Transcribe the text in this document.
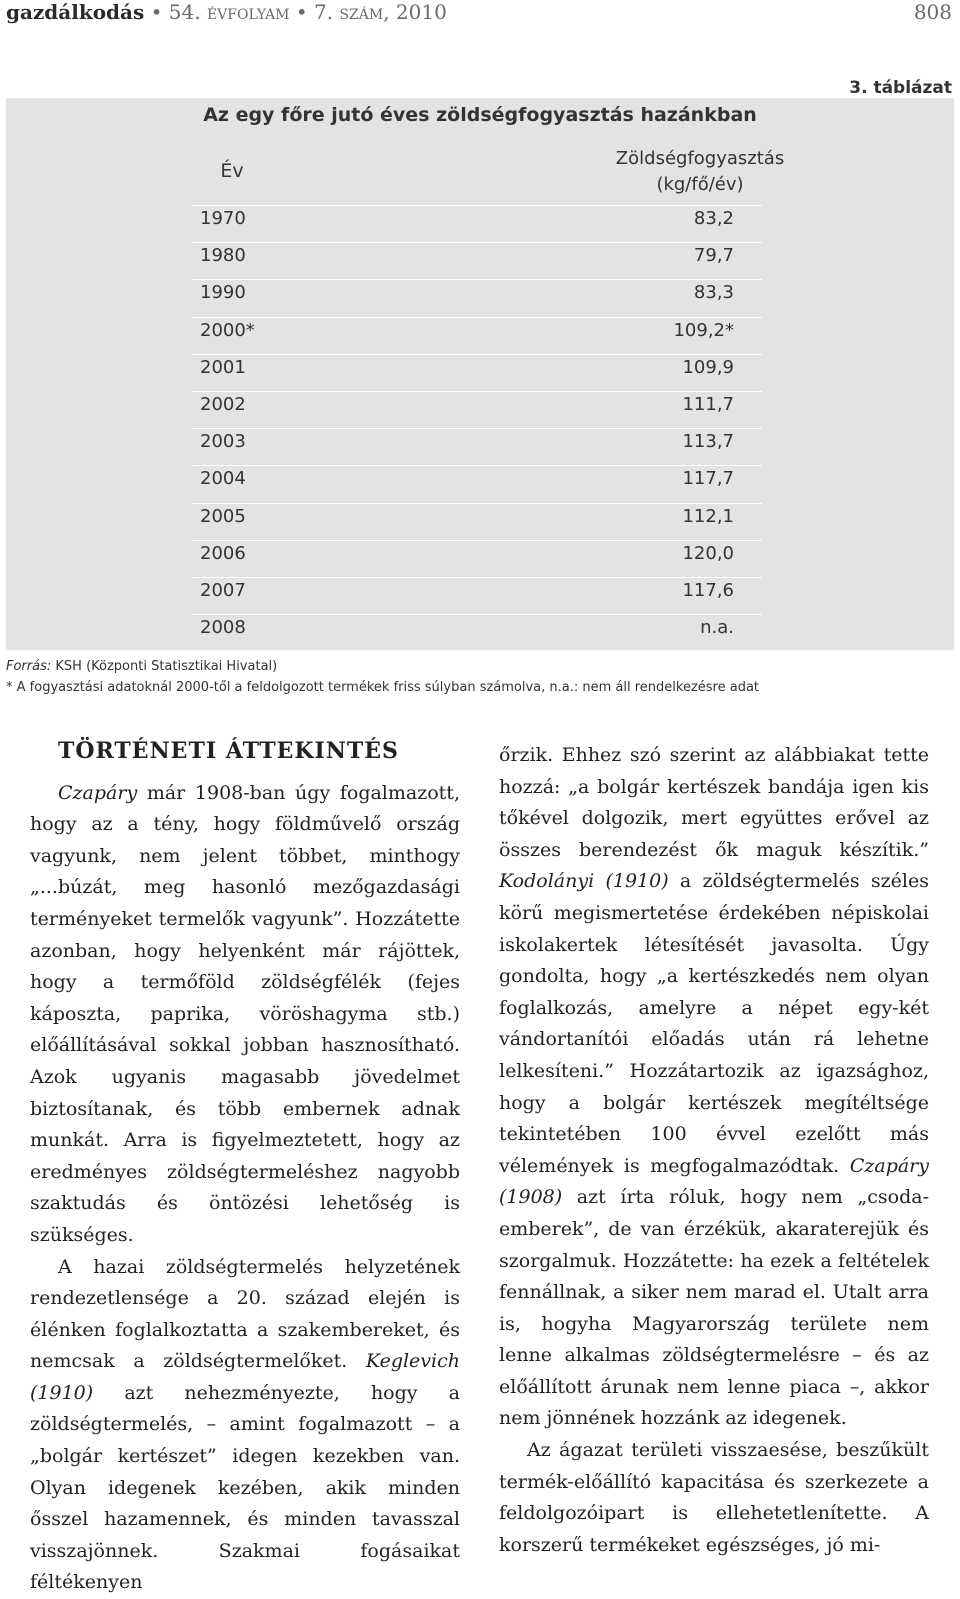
gazdálkodás • 54. évfolyam • 7. szám, 2010	808
3. táblázat
Az egy főre jutó éves zöldségfogyasztás hazánkban
Év
Zöldségfogyasztás
(kg/fő/év)
1970	83,2
1980	79,7
1990	83,3
2000*	109,2*
2001	109,9
2002	111,7
2003	113,7
2004	117,7
2005	112,1
2006	120,0
2007	117,6
2008	n.a.
Forrás: KSH (Központi Statisztikai Hivatal)
* A fogyasztási adatoknál 2000-től a feldolgozott termékek friss súlyban számolva, n.a.: nem áll rendelkezésre adat
TÖRTÉNETI ÁTTEKINTÉS

Czapáry már 1908-ban úgy fogalmazott, hogy az a tény, hogy földművelő ország vagyunk, nem jelent többet, minthogy „...búzát, meg hasonló mezőgazdasági terményeket termelők vagyunk”. Hozzátette azonban, hogy helyenként már rájöttek, hogy a termőföld zöldségfélék (fejes káposzta, paprika, vöröshagyma stb.) előállításával sokkal jobban hasznosítható. Azok ugyanis magasabb jövedelmet biztosítanak, és több embernek adnak munkát. Arra is figyelmeztetett, hogy az eredményes zöldségtermeléshez nagyobb szaktudás és öntözési lehetőség is szükséges.

A hazai zöldségtermelés helyzetének rendezetlensége a 20. század elején is élénken foglalkoztatta a szakembereket, és nemcsak a zöldségtermelőket. Keglevich (1910) azt nehezményezte, hogy a zöldségtermelés, – amint fogalmazott – a „bolgár kertészet” idegen kezekben van. Olyan idegenek kezében, akik minden ősszel hazamennek, és minden tavasszal visszajönnek. Szakmai fogásaikat féltékenyen

őrzik. Ehhez szó szerint az alábbiakat tette hozzá: „a bolgár kertészek bandája igen kis tőkével dolgozik, mert együttes erővel az összes berendezést ők maguk készítik.” Kodolányi (1910) a zöldségtermelés széles körű megismertetése érdekében népiskolai iskolakertek létesítését javasolta. Úgy gondolta, hogy „a kertészkedés nem olyan foglalkozás, amelyre a népet egy-két vándortanítói előadás után rá lehetne lelkesíteni.” Hozzátartozik az igazsághoz, hogy a bolgár kertészek megítéltsége tekintetében 100 évvel ezelőtt más vélemények is megfogalmazódtak. Czapáry (1908) azt írta róluk, hogy nem „csoda-emberek”, de van érzékük, akaraterejük és szorgalmuk. Hozzátette: ha ezek a feltételek fennállnak, a siker nem marad el. Utalt arra is, hogyha Magyarország területe nem lenne alkalmas zöldségtermelésre – és az előállított árunak nem lenne piaca –, akkor nem jönnének hozzánk az idegenek.

Az ágazat területi visszaesése, beszűkült termék-előállító kapacitása és szerkezete a feldolgozóipart is ellehetetlenítette. A korszerű termékeket egészséges, jó mi-
